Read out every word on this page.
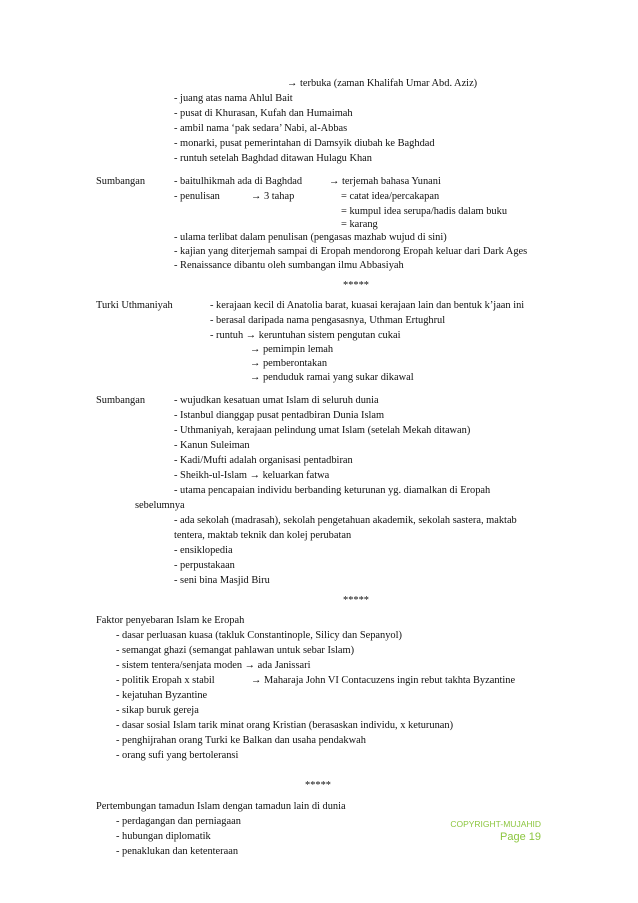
→ terbuka (zaman Khalifah Umar Abd. Aziz)
- juang atas nama Ahlul Bait
- pusat di Khurasan, Kufah dan Humaimah
- ambil nama ‘pak sedara’ Nabi, al-Abbas
- monarki, pusat pemerintahan di Damsyik diubah ke Baghdad
- runtuh setelah Baghdad ditawan Hulagu Khan
Sumbangan	- baitulhikmah ada di Baghdad	→ terjemah bahasa Yunani
- penulisan	→ 3 tahap	= catat idea/percakapan
= kumpul idea serupa/hadis dalam buku
= karang
- ulama terlibat dalam penulisan (pengasas mazhab wujud di sini)
- kajian yang diterjemah sampai di Eropah mendorong Eropah keluar dari Dark Ages
- Renaissance dibantu oleh sumbangan ilmu Abbasiyah
*****
Turki Uthmaniyah	- kerajaan kecil di Anatolia barat, kuasai kerajaan lain dan bentuk k’jaan ini
- berasal daripada nama pengasasnya, Uthman Ertughrul
- runtuh → keruntuhan sistem pengutan cukai
→ pemimpin lemah
→ pemberontakan
→ penduduk ramai yang sukar dikawal
Sumbangan	- wujudkan kesatuan umat Islam di seluruh dunia
- Istanbul dianggap pusat pentadbiran Dunia Islam
- Uthmaniyah, kerajaan pelindung umat Islam (setelah Mekah ditawan)
- Kanun Suleiman
- Kadi/Mufti adalah organisasi pentadbiran
- Sheikh-ul-Islam → keluarkan fatwa
- utama pencapaian individu berbanding keturunan yg. diamalkan di Eropah
sebelumnya
- ada sekolah (madrasah), sekolah pengetahuan akademik, sekolah sastera, maktab
tentera, maktab teknik dan kolej perubatan
- ensiklopedia
- perpustakaan
- seni bina Masjid Biru
*****
Faktor penyebaran Islam ke Eropah
- dasar perluasan kuasa (takluk Constantinople, Silicy dan Sepanyol)
- semangat ghazi (semangat pahlawan untuk sebar Islam)
- sistem tentera/senjata moden → ada Janissari
- politik Eropah x stabil	→ Maharaja John VI Contacuzens ingin rebut takhta Byzantine
- kejatuhan Byzantine
- sikap buruk gereja
- dasar sosial Islam tarik minat orang Kristian (berasaskan individu, x keturunan)
- penghijrahan orang Turki ke Balkan dan usaha pendakwah
- orang sufi yang bertoleransi
*****
Pertembungan tamadun Islam dengan tamadun lain di dunia
- perdagangan dan perniagaan
- hubungan diplomatik
- penaklukan dan ketenteraan
COPYRIGHT-MUJAHID
Page 19
